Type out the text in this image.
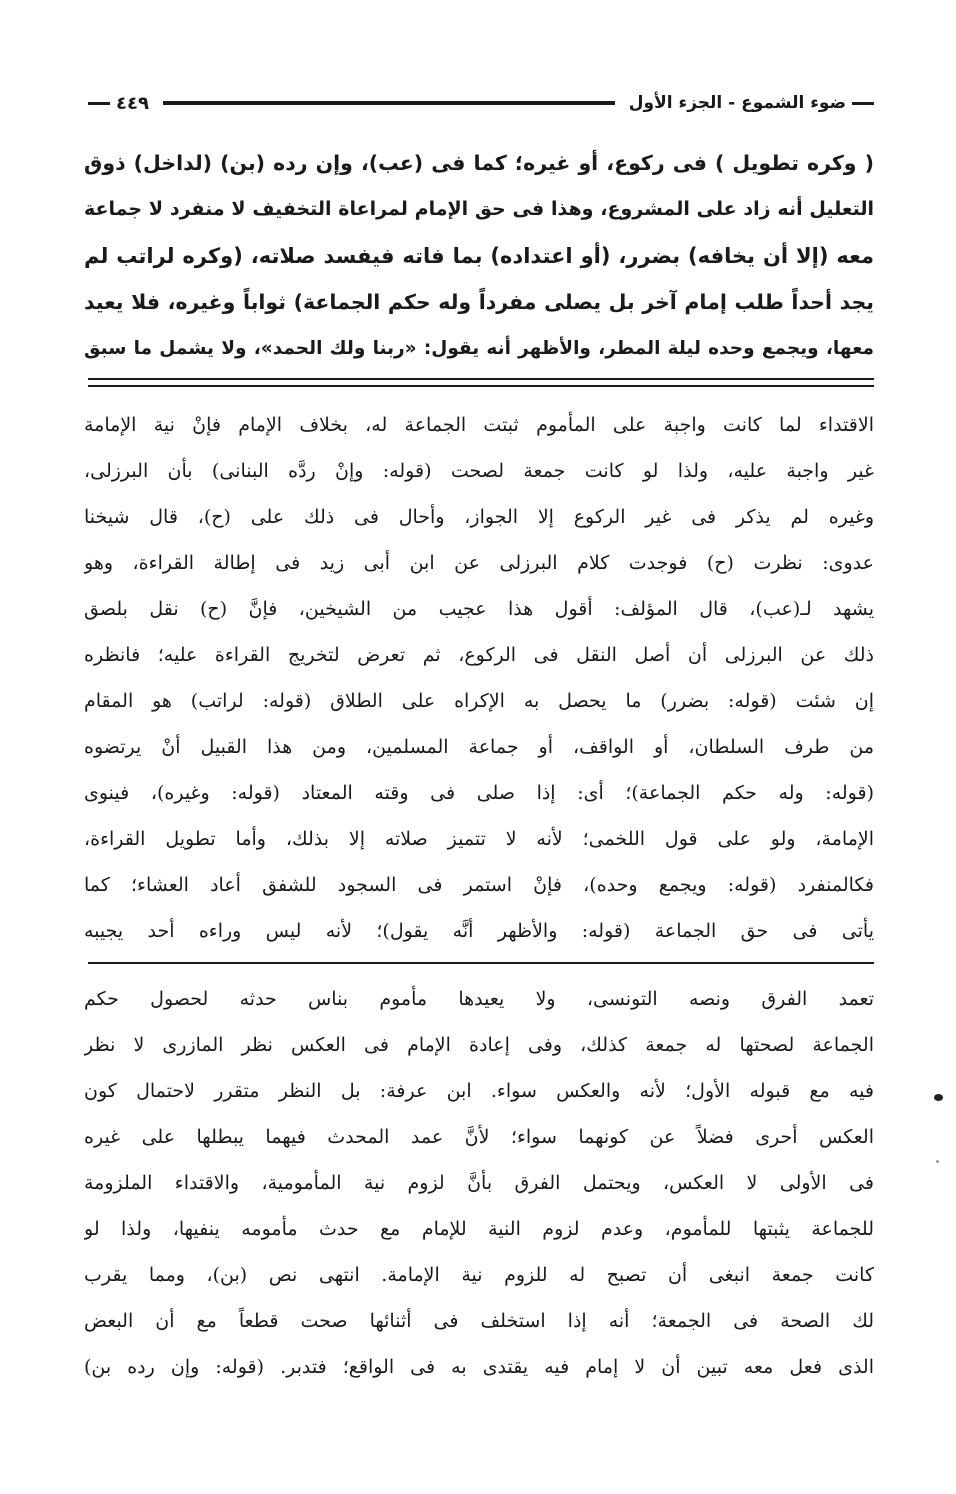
ضوء الشموع - الجزء الأول
٤٤٩
( وكره تطويل ) فى ركوع، أو غيره؛ كما فى (عب)، وإن رده (بن) (لداخل) ذوق
التعليل أنه زاد على المشروع، وهذا فى حق الإمام لمراعاة التخفيف لا منفرد لا جماعة
معه (إلا أن يخافه) بضرر، (أو اعتداده) بما فاته فيفسد صلاته، (وكره لراتب لم
يجد أحداً طلب إمام آخر بل يصلى مفرداً وله حكم الجماعة) ثواباً وغيره، فلا يعيد
معها، ويجمع وحده ليلة المطر، والأظهر أنه يقول: «ربنا ولك الحمد»، ولا يشمل ما سبق
الاقتداء لما كانت واجبة على المأموم ثبتت الجماعة له، بخلاف الإمام فإنْ نية الإمامة
غير واجبة عليه، ولذا لو كانت جمعة لصحت (قوله: وإنْ ردَّه البنانى) بأن البرزلى،
وغيره لم يذكر فى غير الركوع إلا الجواز، وأحال فى ذلك على (ح)، قال شيخنا
عدوى: نظرت (ح) فوجدت كلام البرزلى عن ابن أبى زيد فى إطالة القراءة، وهو
يشهد لـ(عب)، قال المؤلف: أقول هذا عجيب من الشيخين، فإنَّ (ح) نقل بلصق
ذلك عن البرزلى أن أصل النقل فى الركوع، ثم تعرض لتخريج القراءة عليه؛ فانظره
إن شئت (قوله: بضرر) ما يحصل به الإكراه على الطلاق (قوله: لراتب) هو المقام
من طرف السلطان، أو الواقف، أو جماعة المسلمين، ومن هذا القبيل أنْ يرتضوه
(قوله: وله حكم الجماعة)؛ أى: إذا صلى فى وقته المعتاد (قوله: وغيره)، فينوى
الإمامة، ولو على قول اللخمى؛ لأنه لا تتميز صلاته إلا بذلك، وأما تطويل القراءة،
فكالمنفرد (قوله: ويجمع وحده)، فإنْ استمر فى السجود للشفق أعاد العشاء؛ كما
يأتى فى حق الجماعة (قوله: والأظهر أنَّه يقول)؛ لأنه ليس وراءه أحد يجيبه
تعمد الفرق ونصه التونسى، ولا يعيدها مأموم بناس حدثه لحصول حكم
الجماعة لصحتها له جمعة كذلك، وفى إعادة الإمام فى العكس نظر المازرى لا نظر
فيه مع قبوله الأول؛ لأنه والعكس سواء. ابن عرفة: بل النظر متقرر لاحتمال كون
العكس أحرى فضلاً عن كونهما سواء؛ لأنَّ عمد المحدث فيهما يبطلها على غيره
فى الأولى لا العكس، ويحتمل الفرق بأنَّ لزوم نية المأمومية، والاقتداء الملزومة
للجماعة يثبتها للمأموم، وعدم لزوم النية للإمام مع حدث مأمومه ينفيها، ولذا لو
كانت جمعة انبغى أن تصبح له للزوم نية الإمامة. انتهى نص (بن)، ومما يقرب
لك الصحة فى الجمعة؛ أنه إذا استخلف فى أثنائها صحت قطعاً مع أن البعض
الذى فعل معه تبين أن لا إمام فيه يقتدى به فى الواقع؛ فتدبر. (قوله: وإن رده بن)
